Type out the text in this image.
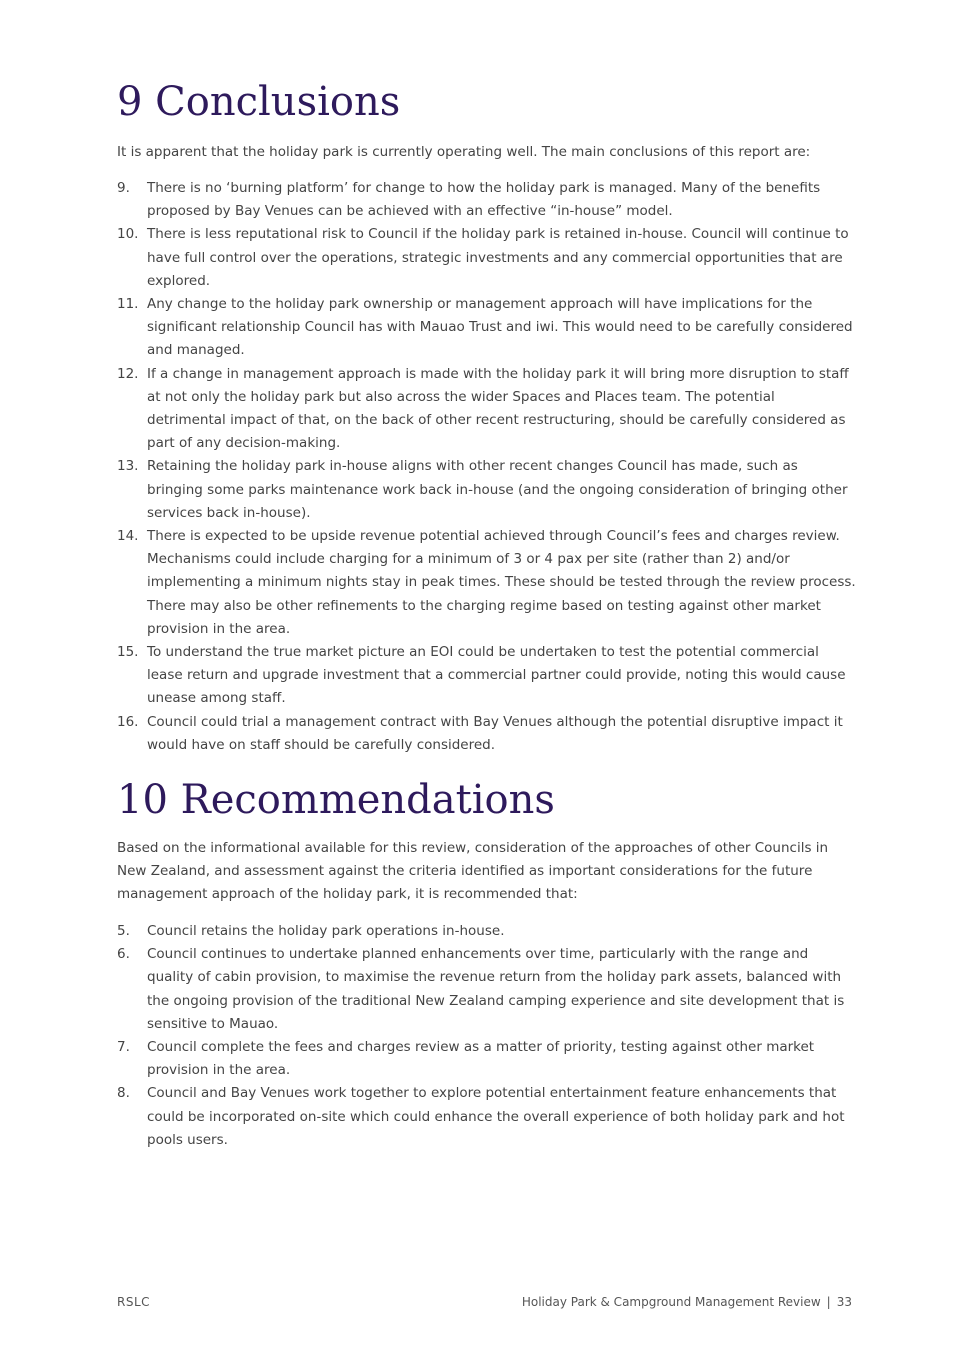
9 Conclusions

It is apparent that the holiday park is currently operating well. The main conclusions of this report are:

9. There is no ‘burning platform’ for change to how the holiday park is managed. Many of the benefits proposed by Bay Venues can be achieved with an effective “in-house” model.
10. There is less reputational risk to Council if the holiday park is retained in-house. Council will continue to have full control over the operations, strategic investments and any commercial opportunities that are explored.
11. Any change to the holiday park ownership or management approach will have implications for the significant relationship Council has with Mauao Trust and iwi. This would need to be carefully considered and managed.
12. If a change in management approach is made with the holiday park it will bring more disruption to staff at not only the holiday park but also across the wider Spaces and Places team. The potential detrimental impact of that, on the back of other recent restructuring, should be carefully considered as part of any decision-making.
13. Retaining the holiday park in-house aligns with other recent changes Council has made, such as bringing some parks maintenance work back in-house (and the ongoing consideration of bringing other services back in-house).
14. There is expected to be upside revenue potential achieved through Council’s fees and charges review. Mechanisms could include charging for a minimum of 3 or 4 pax per site (rather than 2) and/or implementing a minimum nights stay in peak times. These should be tested through the review process. There may also be other refinements to the charging regime based on testing against other market provision in the area.
15. To understand the true market picture an EOI could be undertaken to test the potential commercial lease return and upgrade investment that a commercial partner could provide, noting this would cause unease among staff.
16. Council could trial a management contract with Bay Venues although the potential disruptive impact it would have on staff should be carefully considered.
10 Recommendations

Based on the informational available for this review, consideration of the approaches of other Councils in New Zealand, and assessment against the criteria identified as important considerations for the future management approach of the holiday park, it is recommended that:

5. Council retains the holiday park operations in-house.
6. Council continues to undertake planned enhancements over time, particularly with the range and quality of cabin provision, to maximise the revenue return from the holiday park assets, balanced with the ongoing provision of the traditional New Zealand camping experience and site development that is sensitive to Mauao.
7. Council complete the fees and charges review as a matter of priority, testing against other market provision in the area.
8. Council and Bay Venues work together to explore potential entertainment feature enhancements that could be incorporated on-site which could enhance the overall experience of both holiday park and hot pools users.
RSLC	Holiday Park & Campground Management Review | 33
